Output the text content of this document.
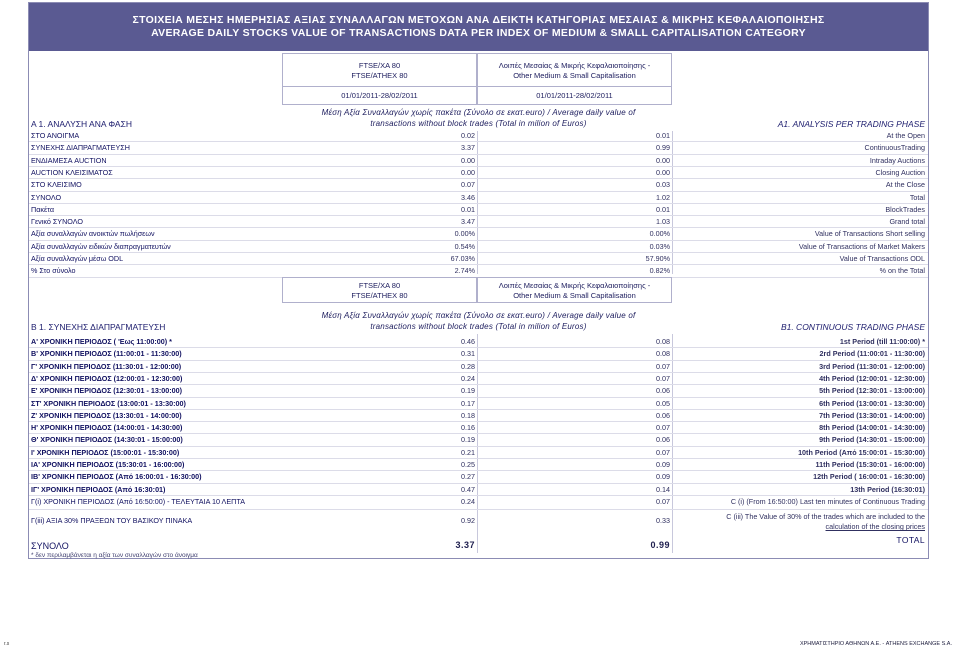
ΣΤΟΙΧΕΙΑ ΜΕΣΗΣ ΗΜΕΡΗΣΙΑΣ ΑΞΙΑΣ ΣΥΝΑΛΛΑΓΩΝ ΜΕΤΟΧΩΝ ΑΝΑ ΔΕΙΚΤΗ ΚΑΤΗΓΟΡΙΑΣ ΜΕΣΑΙΑΣ & ΜΙΚΡΗΣ ΚΕΦΑΛΑΙΟΠΟΙΗΣΗΣ
AVERAGE DAILY STOCKS VALUE OF TRANSACTIONS DATA PER INDEX OF MEDIUM & SMALL CAPITALISATION CATEGORY
FTSE/ΧΑ 80
FTSE/ATHEX 80
Λοιπές Μεσαίας & Μικρής Κεφαλαιοποίησης -
Other Medium & Small Capitalisation
01/01/2011-28/02/2011	01/01/2011-28/02/2011
Μέση Αξία Συναλλαγών χωρίς πακέτα (Σύνολο σε εκατ.euro) / Average daily value of
transactions without block trades (Total in milion of Euros)
Α 1. ΑΝΑΛΥΣΗ ΑΝΑ ΦΑΣΗ	A1. ANALYSIS PER TRADING PHASE
ΣΤΟ ΑΝΟΙΓΜΑ	0.02	0.01	At the Open
ΣΥΝΕΧΗΣ ΔΙΑΠΡΑΓΜΑΤΕΥΣΗ	3.37	0.99	ContinuousTrading
ΕΝΔΙΑΜΕΣΑ AUCTION	0.00	0.00	Intraday Auctions
AUCTION ΚΛΕΙΣΙΜΑΤΟΣ	0.00	0.00	Closing Auction
ΣΤΟ ΚΛΕΙΣΙΜΟ	0.07	0.03	At the Close
ΣΥΝΟΛΟ	3.46	1.02	Total
Πακέτα	0.01	0.01	BlockTrades
Γενικό ΣΥΝΟΛΟ	3.47	1.03	Grand total
Αξία συναλλαγών ανοικτών πωλήσεων	0.00%	0.00%	Value of Transactions Short selling
Αξία συναλλαγών ειδικών διαπραγματευτών	0.54%	0.03%	Value of Transactions of Market Makers
Αξία συναλλαγών μέσω ODL	67.03%	57.90%	Value of Transactions ODL
% Στο σύνολο	2.74%	0.82%	% on the Total
FTSE/ΧΑ 80
FTSE/ATHEX 80
Λοιπές Μεσαίας & Μικρής Κεφαλαιοποίησης -
Other Medium & Small Capitalisation
Μέση Αξία Συναλλαγών χωρίς πακέτα (Σύνολο σε εκατ.euro) / Average daily value of
transactions without block trades (Total in milion of Euros)
Β 1. ΣΥΝΕΧΗΣ ΔΙΑΠΡΑΓΜΑΤΕΥΣΗ	B1. CONTINUOUS TRADING PHASE
Α' ΧΡΟΝΙΚΗ ΠΕΡΙΟΔΟΣ ( 'Εως 11:00:00) *	0.46	0.08	1st Period (till 11:00:00) *
Β' ΧΡΟΝΙΚΗ ΠΕΡΙΟΔΟΣ (11:00:01 - 11:30:00)	0.31	0.08	2rd Period (11:00:01 - 11:30:00)
Γ' ΧΡΟΝΙΚΗ ΠΕΡΙΟΔΟΣ (11:30:01 - 12:00:00)	0.28	0.07	3rd Period (11:30:01 - 12:00:00)
Δ' ΧΡΟΝΙΚΗ ΠΕΡΙΟΔΟΣ (12:00:01 - 12:30:00)	0.24	0.07	4th Period (12:00:01 - 12:30:00)
Ε' ΧΡΟΝΙΚΗ ΠΕΡΙΟΔΟΣ (12:30:01 - 13:00:00)	0.19	0.06	5th Period (12:30:01 - 13:00:00)
ΣΤ' ΧΡΟΝΙΚΗ ΠΕΡΙΟΔΟΣ (13:00:01 - 13:30:00)	0.17	0.05	6th Period (13:00:01 - 13:30:00)
Ζ' ΧΡΟΝΙΚΗ ΠΕΡΙΟΔΟΣ (13:30:01 - 14:00:00)	0.18	0.06	7th Period (13:30:01 - 14:00:00)
Η' ΧΡΟΝΙΚΗ ΠΕΡΙΟΔΟΣ (14:00:01 - 14:30:00)	0.16	0.07	8th Period (14:00:01 - 14:30:00)
Θ' ΧΡΟΝΙΚΗ ΠΕΡΙΟΔΟΣ (14:30:01 - 15:00:00)	0.19	0.06	9th Period (14:30:01 - 15:00:00)
Ι' ΧΡΟΝΙΚΗ ΠΕΡΙΟΔΟΣ (15:00:01 - 15:30:00)	0.21	0.07	10th Period (Από 15:00:01 - 15:30:00)
ΙΑ' ΧΡΟΝΙΚΗ ΠΕΡΙΟΔΟΣ (15:30:01 - 16:00:00)	0.25	0.09	11th Period (15:30:01 - 16:00:00)
ΙΒ' ΧΡΟΝΙΚΗ ΠΕΡΙΟΔΟΣ (Από 16:00:01 - 16:30:00)	0.27	0.09	12th Period ( 16:00:01 - 16:30:00)
ΙΓ' ΧΡΟΝΙΚΗ ΠΕΡΙΟΔΟΣ (Από 16:30:01)	0.47	0.14	13th Period (16:30:01)
Γ(i) ΧΡΟΝΙΚΗ ΠΕΡΙΟΔΟΣ (Από 16:50:00) - ΤΕΛΕΥΤΑΙΑ 10 ΛΕΠΤΑ	0.24	0.07	C (i) (From 16:50:00) Last ten minutes of Continuous Trading
Γ(iii) ΑΞΙΑ 30% ΠΡΑΞΕΩΝ ΤΟΥ ΒΑΣΙΚΟΥ ΠΙΝΑΚΑ	0.92	0.33	C (iii) The Value of 30% of the trades which are included to the
calculation of the closing prices
ΣΥΝΟΛΟ	3.37	0.99	TOTAL
* δεν περιλαμβάνεται η αξία των συναλλαγών στο άνοιγμα
r.s	ΧΡΗΜΑΤΙΣΤΗΡΙΟ ΑΘΗΝΩΝ Α.Ε. - ATHENS EXCHANGE S.A.
